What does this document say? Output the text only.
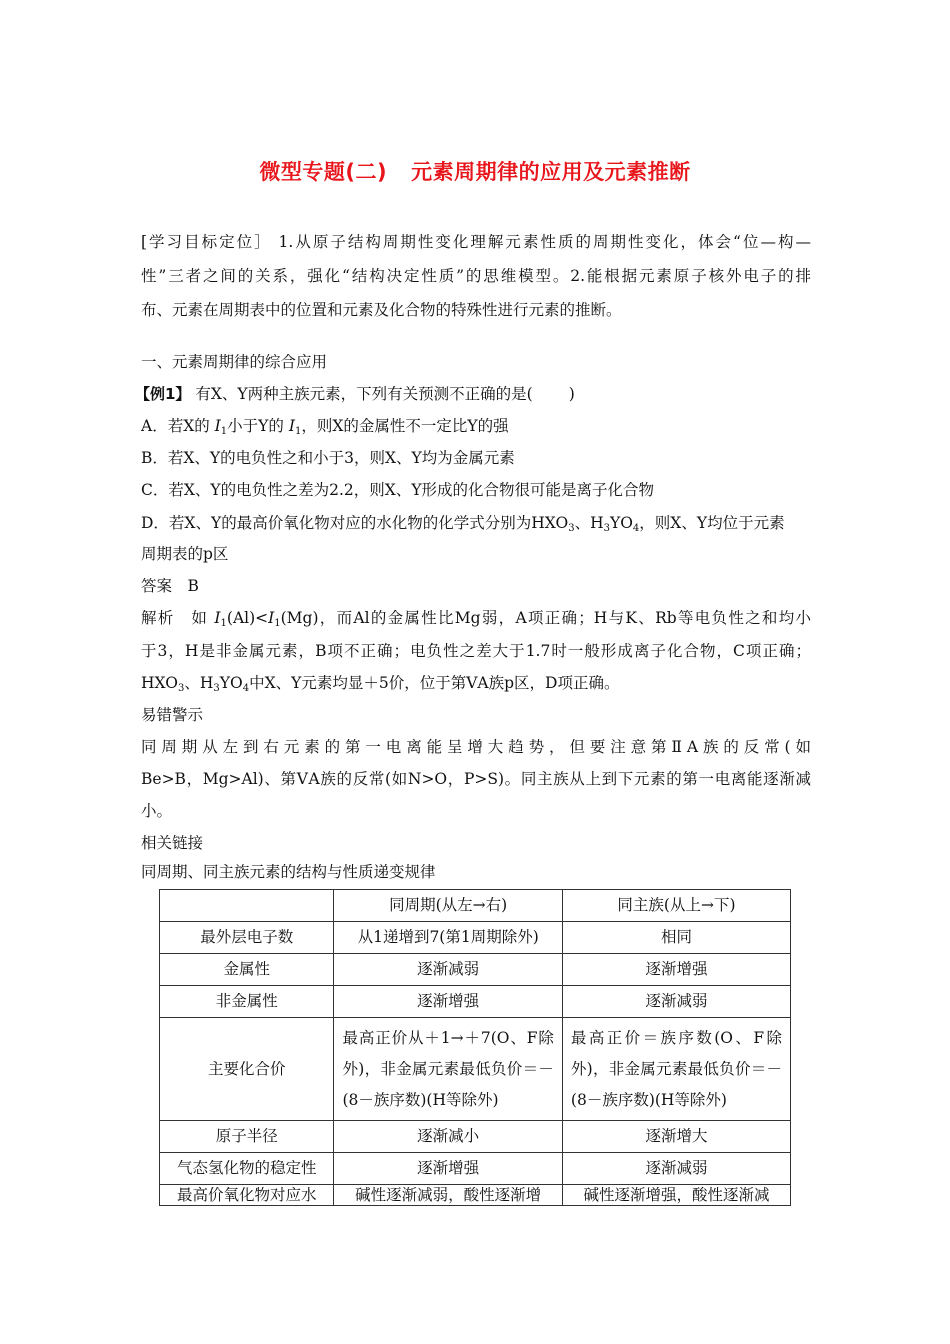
微型专题(二) 元素周期律的应用及元素推断
[学习目标定位］ 1.从原子结构周期性变化理解元素性质的周期性变化，体会“位—构—
性”三者之间的关系，强化“结构决定性质”的思维模型。2.能根据元素原子核外电子的排
布、元素在周期表中的位置和元素及化合物的特殊性进行元素的推断。
一、元素周期律的综合应用
【例1】 有X、Y两种主族元素，下列有关预测不正确的是( )
A．若X的 $I_1$小于Y的 $I_1$，则X的金属性不一定比Y的强
B．若X、Y的电负性之和小于3，则X、Y均为金属元素
C．若X、Y的电负性之差为2.2，则X、Y形成的化合物很可能是离子化合物
D．若X、Y的最高价氧化物对应的水化物的化学式分别为$HXO_3$、$H_3YO_4$，则X、Y均位于元素
周期表的p区
答案　B
解析　如 $I_1(Al)<I_1(Mg)$，而Al的金属性比Mg弱，A项正确；H与K、Rb等电负性之和均小
于3，H是非金属元素，B项不正确；电负性之差大于1.7时一般形成离子化合物，C项正确；
$HXO_3$、$H_3YO_4$中X、Y元素均显＋5价，位于第ⅤA族p区，D项正确。
易错警示
同周期从左到右元素的第一电离能呈增大趋势，但要注意第ⅡA族的反常(如
Be>B，Mg>Al)、第ⅤA族的反常(如N>O，P>S)。同主族从上到下元素的第一电离能逐渐减
小。
相关链接
同周期、同主族元素的结构与性质递变规律
	同周期(从左→右)	同主族(从上→下)
最外层电子数	从1递增到7(第1周期除外)	相同
金属性	逐渐减弱	逐渐增强
非金属性	逐渐增强	逐渐减弱
主要化合价	最高正价从＋1→＋7(O、F除外)，非金属元素最低负价＝－(8－族序数)(H等除外)	最高正价＝族序数(O、F除外)，非金属元素最低负价＝－(8－族序数)(H等除外)
原子半径	逐渐减小	逐渐增大
气态氢化物的稳定性	逐渐增强	逐渐减弱
最高价氧化物对应水	碱性逐渐减弱，酸性逐渐增	碱性逐渐增强，酸性逐渐减
